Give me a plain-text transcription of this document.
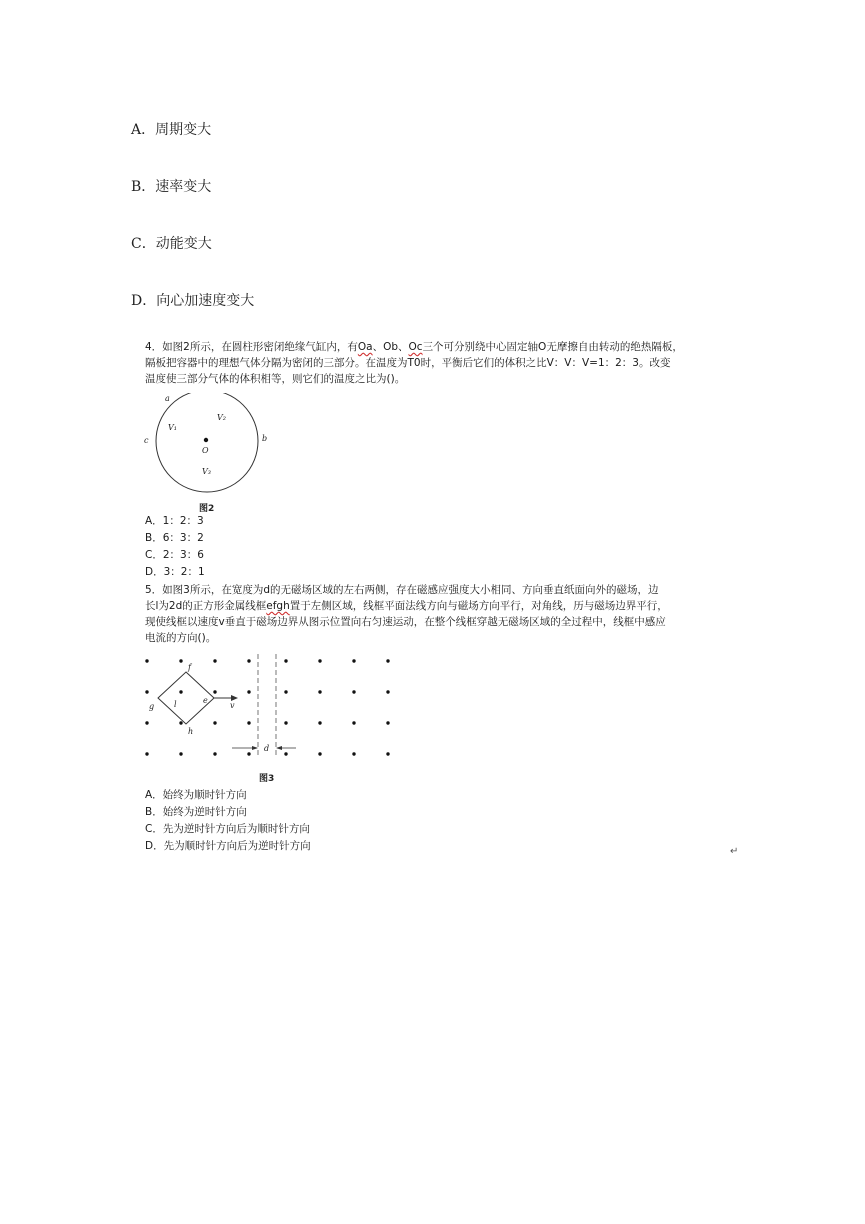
A．周期变大
B．速率变大
C．动能变大
D．向心加速度变大

4．如图2所示，在圆柱形密闭绝缘气缸内，有Oa、Ob、Oc三个可分别绕中心固定轴O无摩擦自由转动的绝热隔板，

隔板把容器中的理想气体分隔为密闭的三部分。在温度为T0时，平衡后它们的体积之比V：V：V=1：2：3。改变

温度使三部分气体的体积相等，则它们的温度之比为()。

a
c	b
O
V₁
V₂
V₃
图2
A．1：2：3
B．6：3：2
C．2：3：6
D．3：2：1

5．如图3所示，在宽度为d的无磁场区域的左右两侧，存在磁感应强度大小相同、方向垂直纸面向外的磁场，边

长l为2d的正方形金属线框efgh置于左侧区域，线框平面法线方向与磁场方向平行，对角线，历与磁场边界平行，

现使线框以速度v垂直于磁场边界从图示位置向右匀速运动，在整个线框穿越无磁场区域的全过程中，线框中感应

电流的方向()。

f
g
h
e
l	v
d
图3
A．始终为顺时针方向
B．始终为逆时针方向
C．先为逆时针方向后为顺时针方向
D．先为顺时针方向后为逆时针方向	↵
